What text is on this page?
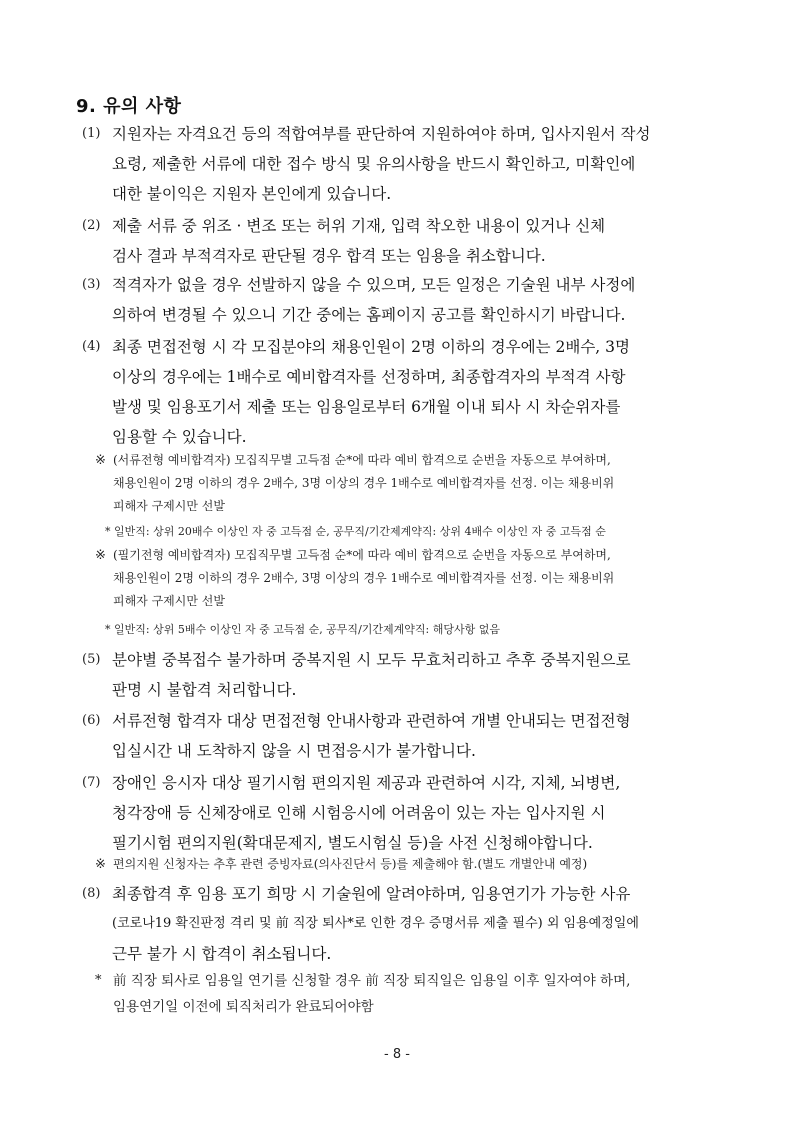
9. 유의 사항
(1) 지원자는 자격요건 등의 적합여부를 판단하여 지원하여야 하며, 입사지원서 작성
요령, 제출한 서류에 대한 접수 방식 및 유의사항을 반드시 확인하고, 미확인에
대한 불이익은 지원자 본인에게 있습니다.
(2) 제출 서류 중 위조 · 변조 또는 허위 기재, 입력 착오한 내용이 있거나 신체
검사 결과 부적격자로 판단될 경우 합격 또는 임용을 취소합니다.
(3) 적격자가 없을 경우 선발하지 않을 수 있으며, 모든 일정은 기술원 내부 사정에
의하여 변경될 수 있으니 기간 중에는 홈페이지 공고를 확인하시기 바랍니다.
(4) 최종 면접전형 시 각 모집분야의 채용인원이 2명 이하의 경우에는 2배수, 3명
이상의 경우에는 1배수로 예비합격자를 선정하며, 최종합격자의 부적격 사항
발생 및 임용포기서 제출 또는 임용일로부터 6개월 이내 퇴사 시 차순위자를
임용할 수 있습니다.
※ (서류전형 예비합격자) 모집직무별 고득점 순*에 따라 예비 합격으로 순번을 자동으로 부여하며,
채용인원이 2명 이하의 경우 2배수, 3명 이상의 경우 1배수로 예비합격자를 선정. 이는 채용비위
피해자 구제시만 선발
* 일반직: 상위 20배수 이상인 자 중 고득점 순, 공무직/기간제계약직: 상위 4배수 이상인 자 중 고득점 순
※ (필기전형 예비합격자) 모집직무별 고득점 순*에 따라 예비 합격으로 순번을 자동으로 부여하며,
채용인원이 2명 이하의 경우 2배수, 3명 이상의 경우 1배수로 예비합격자를 선정. 이는 채용비위
피해자 구제시만 선발
* 일반직: 상위 5배수 이상인 자 중 고득점 순, 공무직/기간제계약직: 해당사항 없음
(5) 분야별 중복접수 불가하며 중복지원 시 모두 무효처리하고 추후 중복지원으로
판명 시 불합격 처리합니다.
(6) 서류전형 합격자 대상 면접전형 안내사항과 관련하여 개별 안내되는 면접전형
입실시간 내 도착하지 않을 시 면접응시가 불가합니다.
(7) 장애인 응시자 대상 필기시험 편의지원 제공과 관련하여 시각, 지체, 뇌병변,
청각장애 등 신체장애로 인해 시험응시에 어려움이 있는 자는 입사지원 시
필기시험 편의지원(확대문제지, 별도시험실 등)을 사전 신청해야합니다.
※ 편의지원 신청자는 추후 관련 증빙자료(의사진단서 등)를 제출해야 함.(별도 개별안내 예정)
(8) 최종합격 후 임용 포기 희망 시 기술원에 알려야하며, 임용연기가 가능한 사유
(코로나19 확진판정 격리 및 前 직장 퇴사*로 인한 경우 증명서류 제출 필수) 외 임용예정일에
근무 불가 시 합격이 취소됩니다.
* 前 직장 퇴사로 임용일 연기를 신청할 경우 前 직장 퇴직일은 임용일 이후 일자여야 하며,
임용연기일 이전에 퇴직처리가 완료되어야함
- 8 -
